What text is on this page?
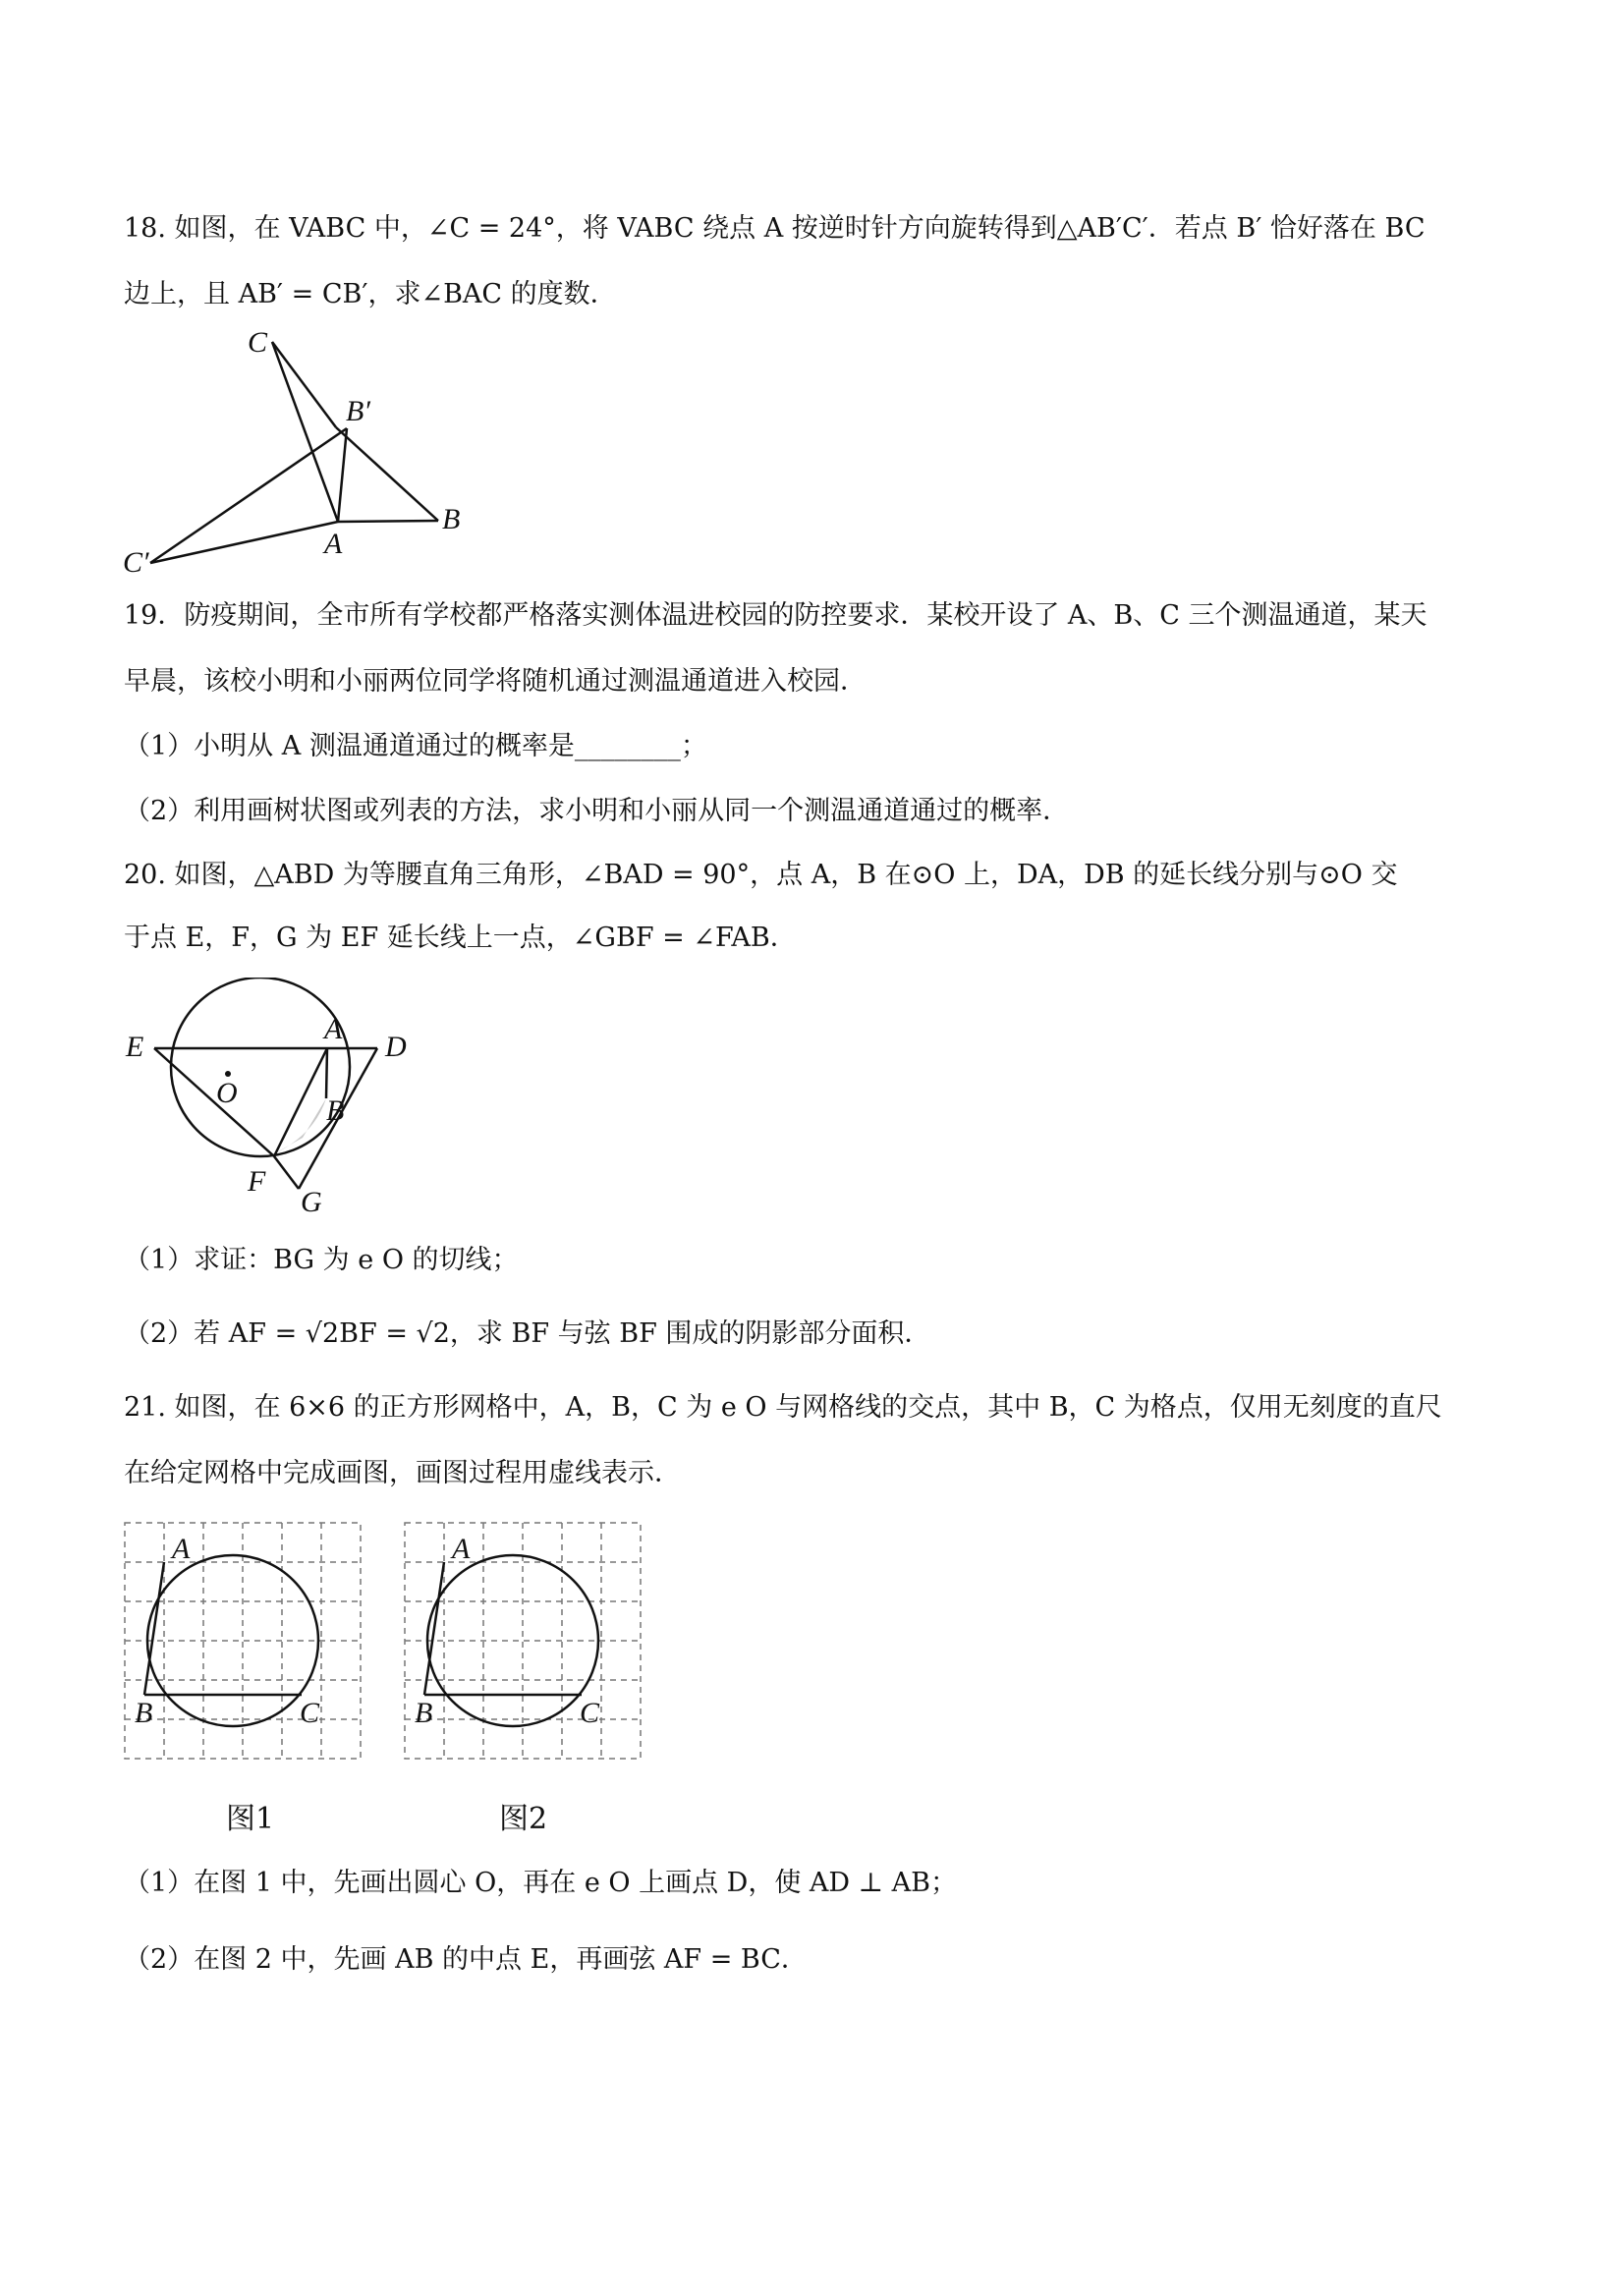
18. 如图，在 VABC 中，∠C = 24°，将 VABC 绕点 A 按逆时针方向旋转得到△AB′C′．若点 B′ 恰好落在 BC
边上，且 AB′ = CB′，求∠BAC 的度数．
C
B′
B
A
C′
19．防疫期间，全市所有学校都严格落实测体温进校园的防控要求．某校开设了 A、B、C 三个测温通道，某天
早晨，该校小明和小丽两位同学将随机通过测温通道进入校园．
（1）小明从 A 测温通道通过的概率是________；
（2）利用画树状图或列表的方法，求小明和小丽从同一个测温通道通过的概率．
20. 如图，△ABD 为等腰直角三角形，∠BAD = 90°，点 A，B 在⊙O 上，DA，DB 的延长线分别与⊙O 交
于点 E，F，G 为 EF 延长线上一点，∠GBF = ∠FAB．
E
A
D
O
B
F
G
（1）求证：BG 为 e O 的切线；
（2）若 AF = √2BF = √2，求 BF 与弦 BF 围成的阴影部分面积．
21. 如图，在 6×6 的正方形网格中，A，B，C 为 e O 与网格线的交点，其中 B，C 为格点，仅用无刻度的直尺
在给定网格中完成画图，画图过程用虚线表示．
A
B	C
图1
A
B	C
图2
（1）在图 1 中，先画出圆心 O，再在 e O 上画点 D，使 AD ⊥ AB；
（2）在图 2 中，先画 AB 的中点 E，再画弦 AF = BC．
